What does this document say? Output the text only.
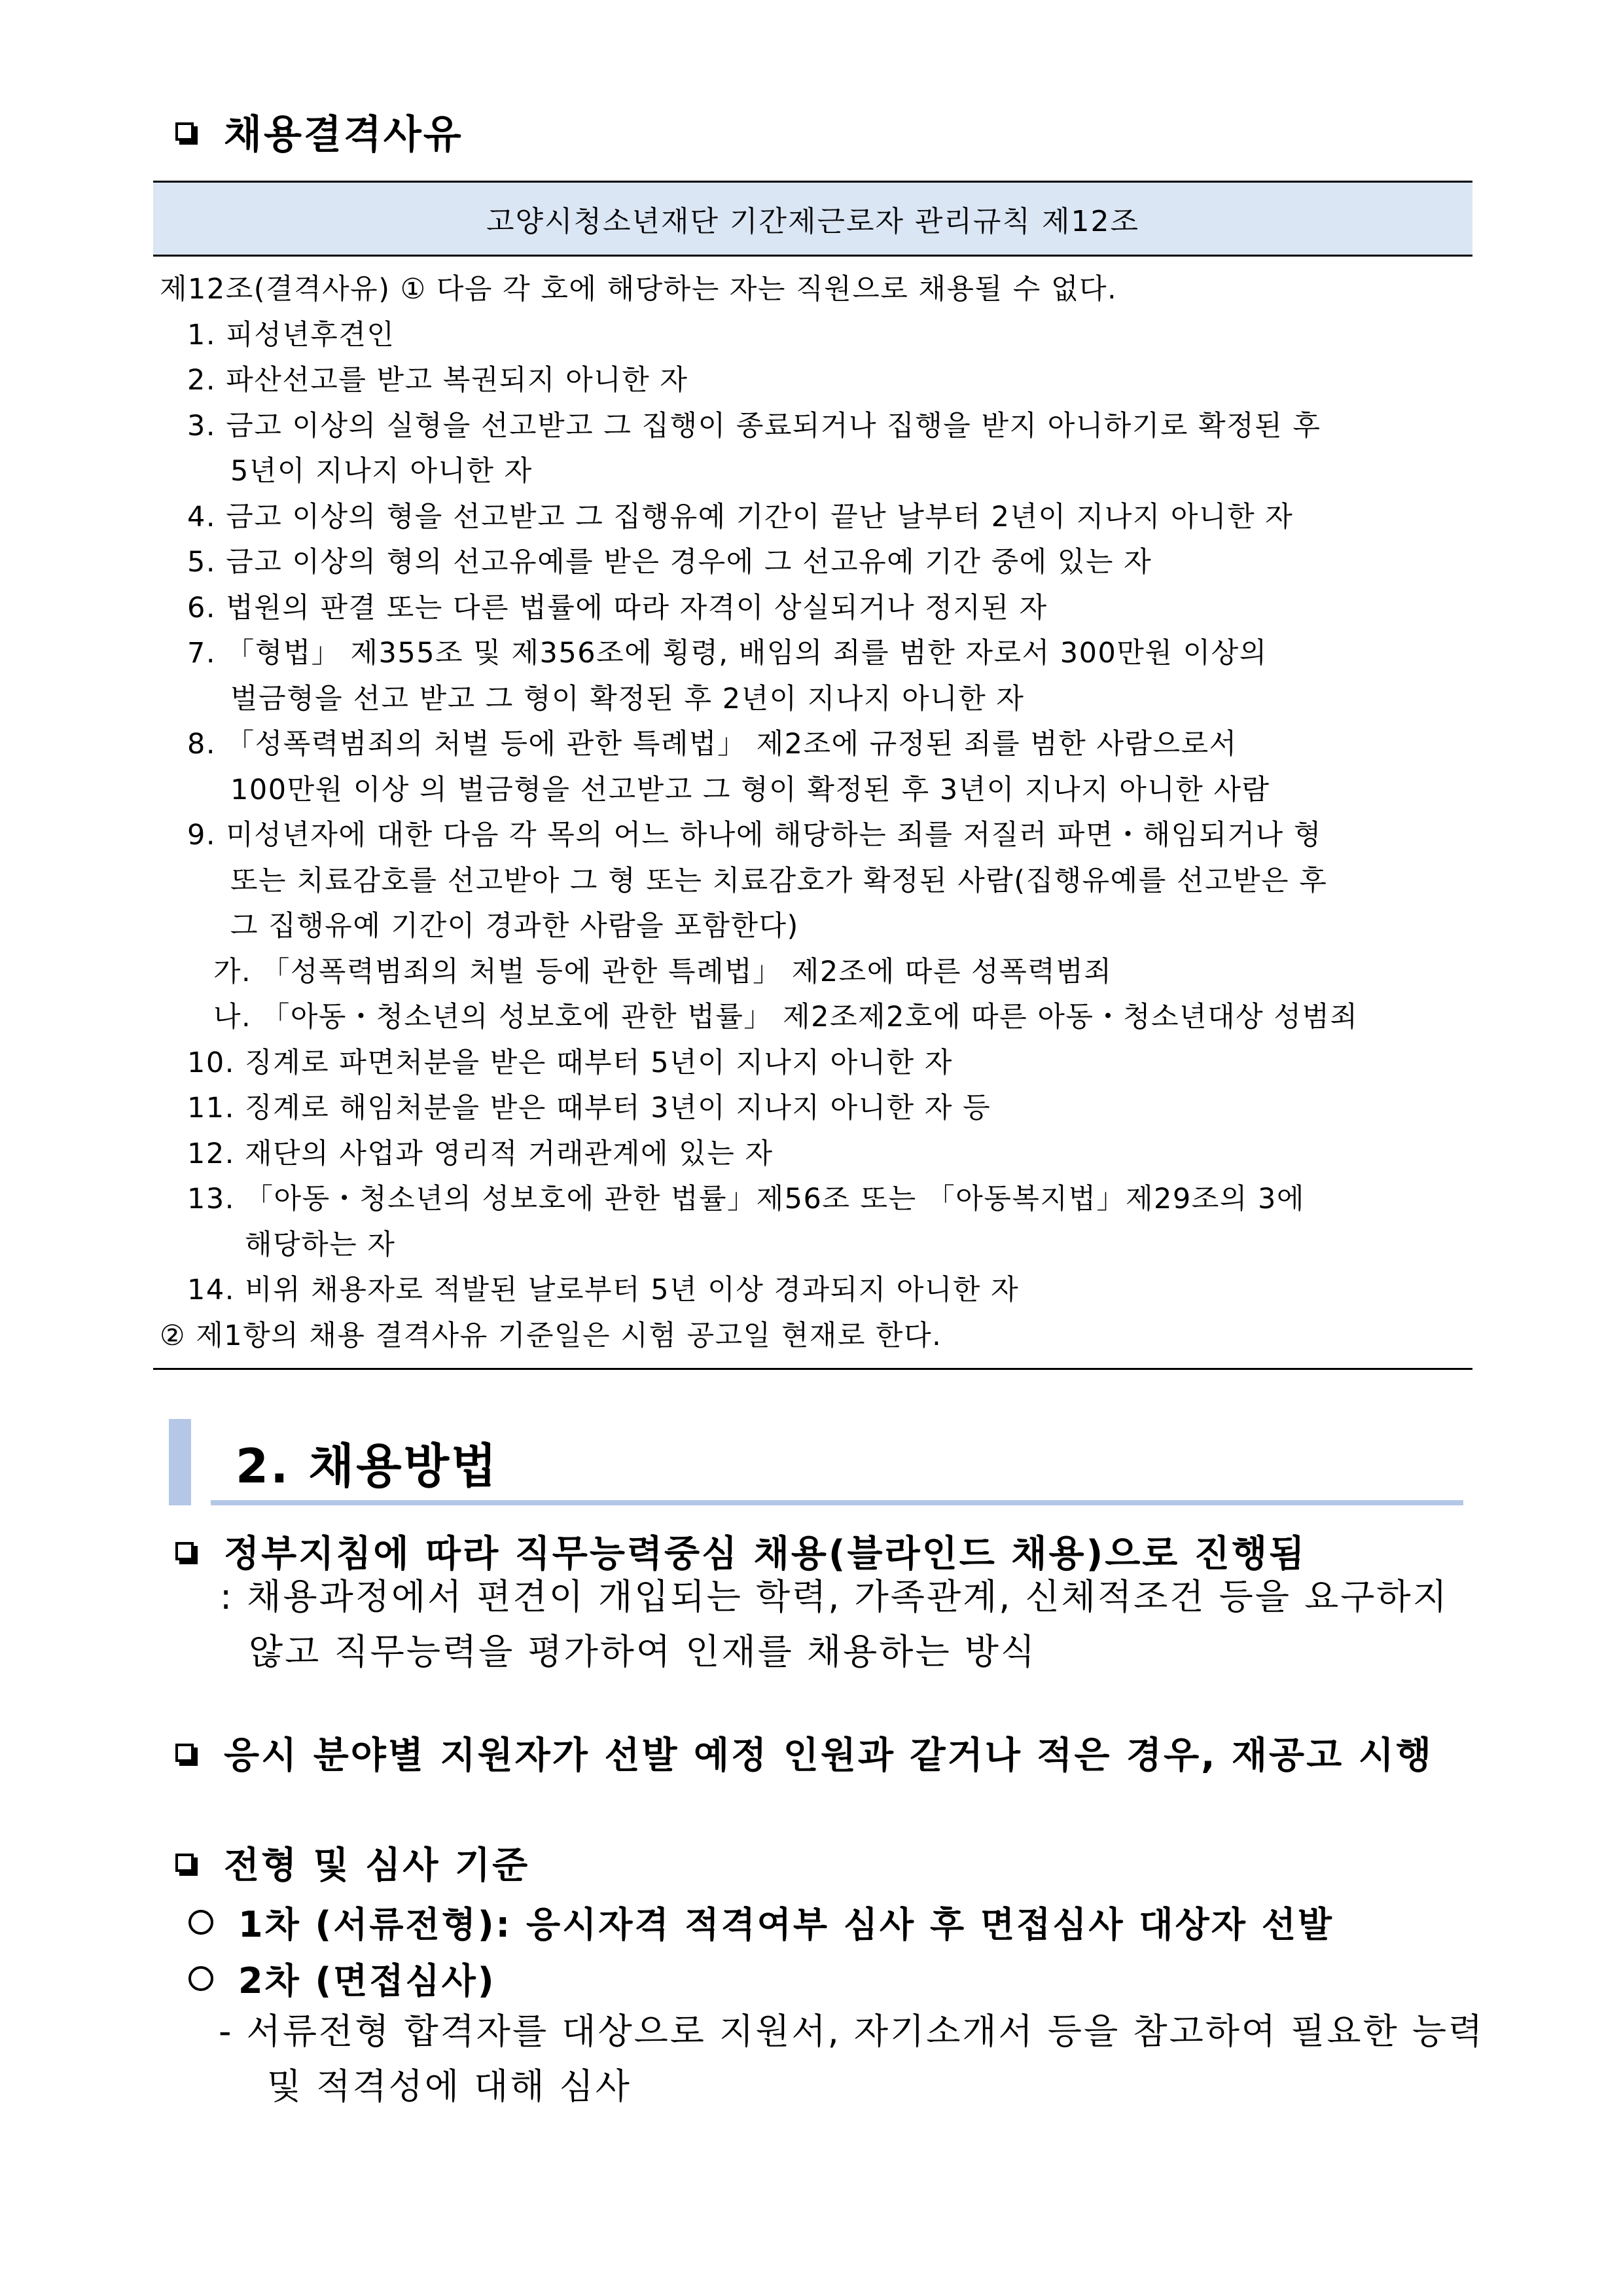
채용결격사유
고양시청소년재단 기간제근로자 관리규칙 제12조
제12조(결격사유) ① 다음 각 호에 해당하는 자는 직원으로 채용될 수 없다.
1. 피성년후견인
2. 파산선고를 받고 복권되지 아니한 자
3. 금고 이상의 실형을 선고받고 그 집행이 종료되거나 집행을 받지 아니하기로 확정된 후
5년이 지나지 아니한 자
4. 금고 이상의 형을 선고받고 그 집행유예 기간이 끝난 날부터 2년이 지나지 아니한 자
5. 금고 이상의 형의 선고유예를 받은 경우에 그 선고유예 기간 중에 있는 자
6. 법원의 판결 또는 다른 법률에 따라 자격이 상실되거나 정지된 자
7. 「형법」 제355조 및 제356조에 횡령, 배임의 죄를 범한 자로서 300만원 이상의
벌금형을 선고 받고 그 형이 확정된 후 2년이 지나지 아니한 자
8. 「성폭력범죄의 처벌 등에 관한 특례법」 제2조에 규정된 죄를 범한 사람으로서
100만원 이상 의 벌금형을 선고받고 그 형이 확정된 후 3년이 지나지 아니한 사람
9. 미성년자에 대한 다음 각 목의 어느 하나에 해당하는 죄를 저질러 파면・해임되거나 형
또는 치료감호를 선고받아 그 형 또는 치료감호가 확정된 사람(집행유예를 선고받은 후
그 집행유예 기간이 경과한 사람을 포함한다)
가. 「성폭력범죄의 처벌 등에 관한 특례법」 제2조에 따른 성폭력범죄
나. 「아동・청소년의 성보호에 관한 법률」 제2조제2호에 따른 아동・청소년대상 성범죄
10. 징계로 파면처분을 받은 때부터 5년이 지나지 아니한 자
11. 징계로 해임처분을 받은 때부터 3년이 지나지 아니한 자 등
12. 재단의 사업과 영리적 거래관계에 있는 자
13. 「아동・청소년의 성보호에 관한 법률」제56조 또는 「아동복지법」제29조의 3에
해당하는 자
14. 비위 채용자로 적발된 날로부터 5년 이상 경과되지 아니한 자
② 제1항의 채용 결격사유 기준일은 시험 공고일 현재로 한다.
2. 채용방법
정부지침에 따라 직무능력중심 채용(블라인드 채용)으로 진행됨
: 채용과정에서 편견이 개입되는 학력, 가족관계, 신체적조건 등을 요구하지
않고 직무능력을 평가하여 인재를 채용하는 방식
응시 분야별 지원자가 선발 예정 인원과 같거나 적은 경우, 재공고 시행
전형 및 심사 기준
1차 (서류전형): 응시자격 적격여부 심사 후 면접심사 대상자 선발
2차 (면접심사)
- 서류전형 합격자를 대상으로 지원서, 자기소개서 등을 참고하여 필요한 능력
및 적격성에 대해 심사
